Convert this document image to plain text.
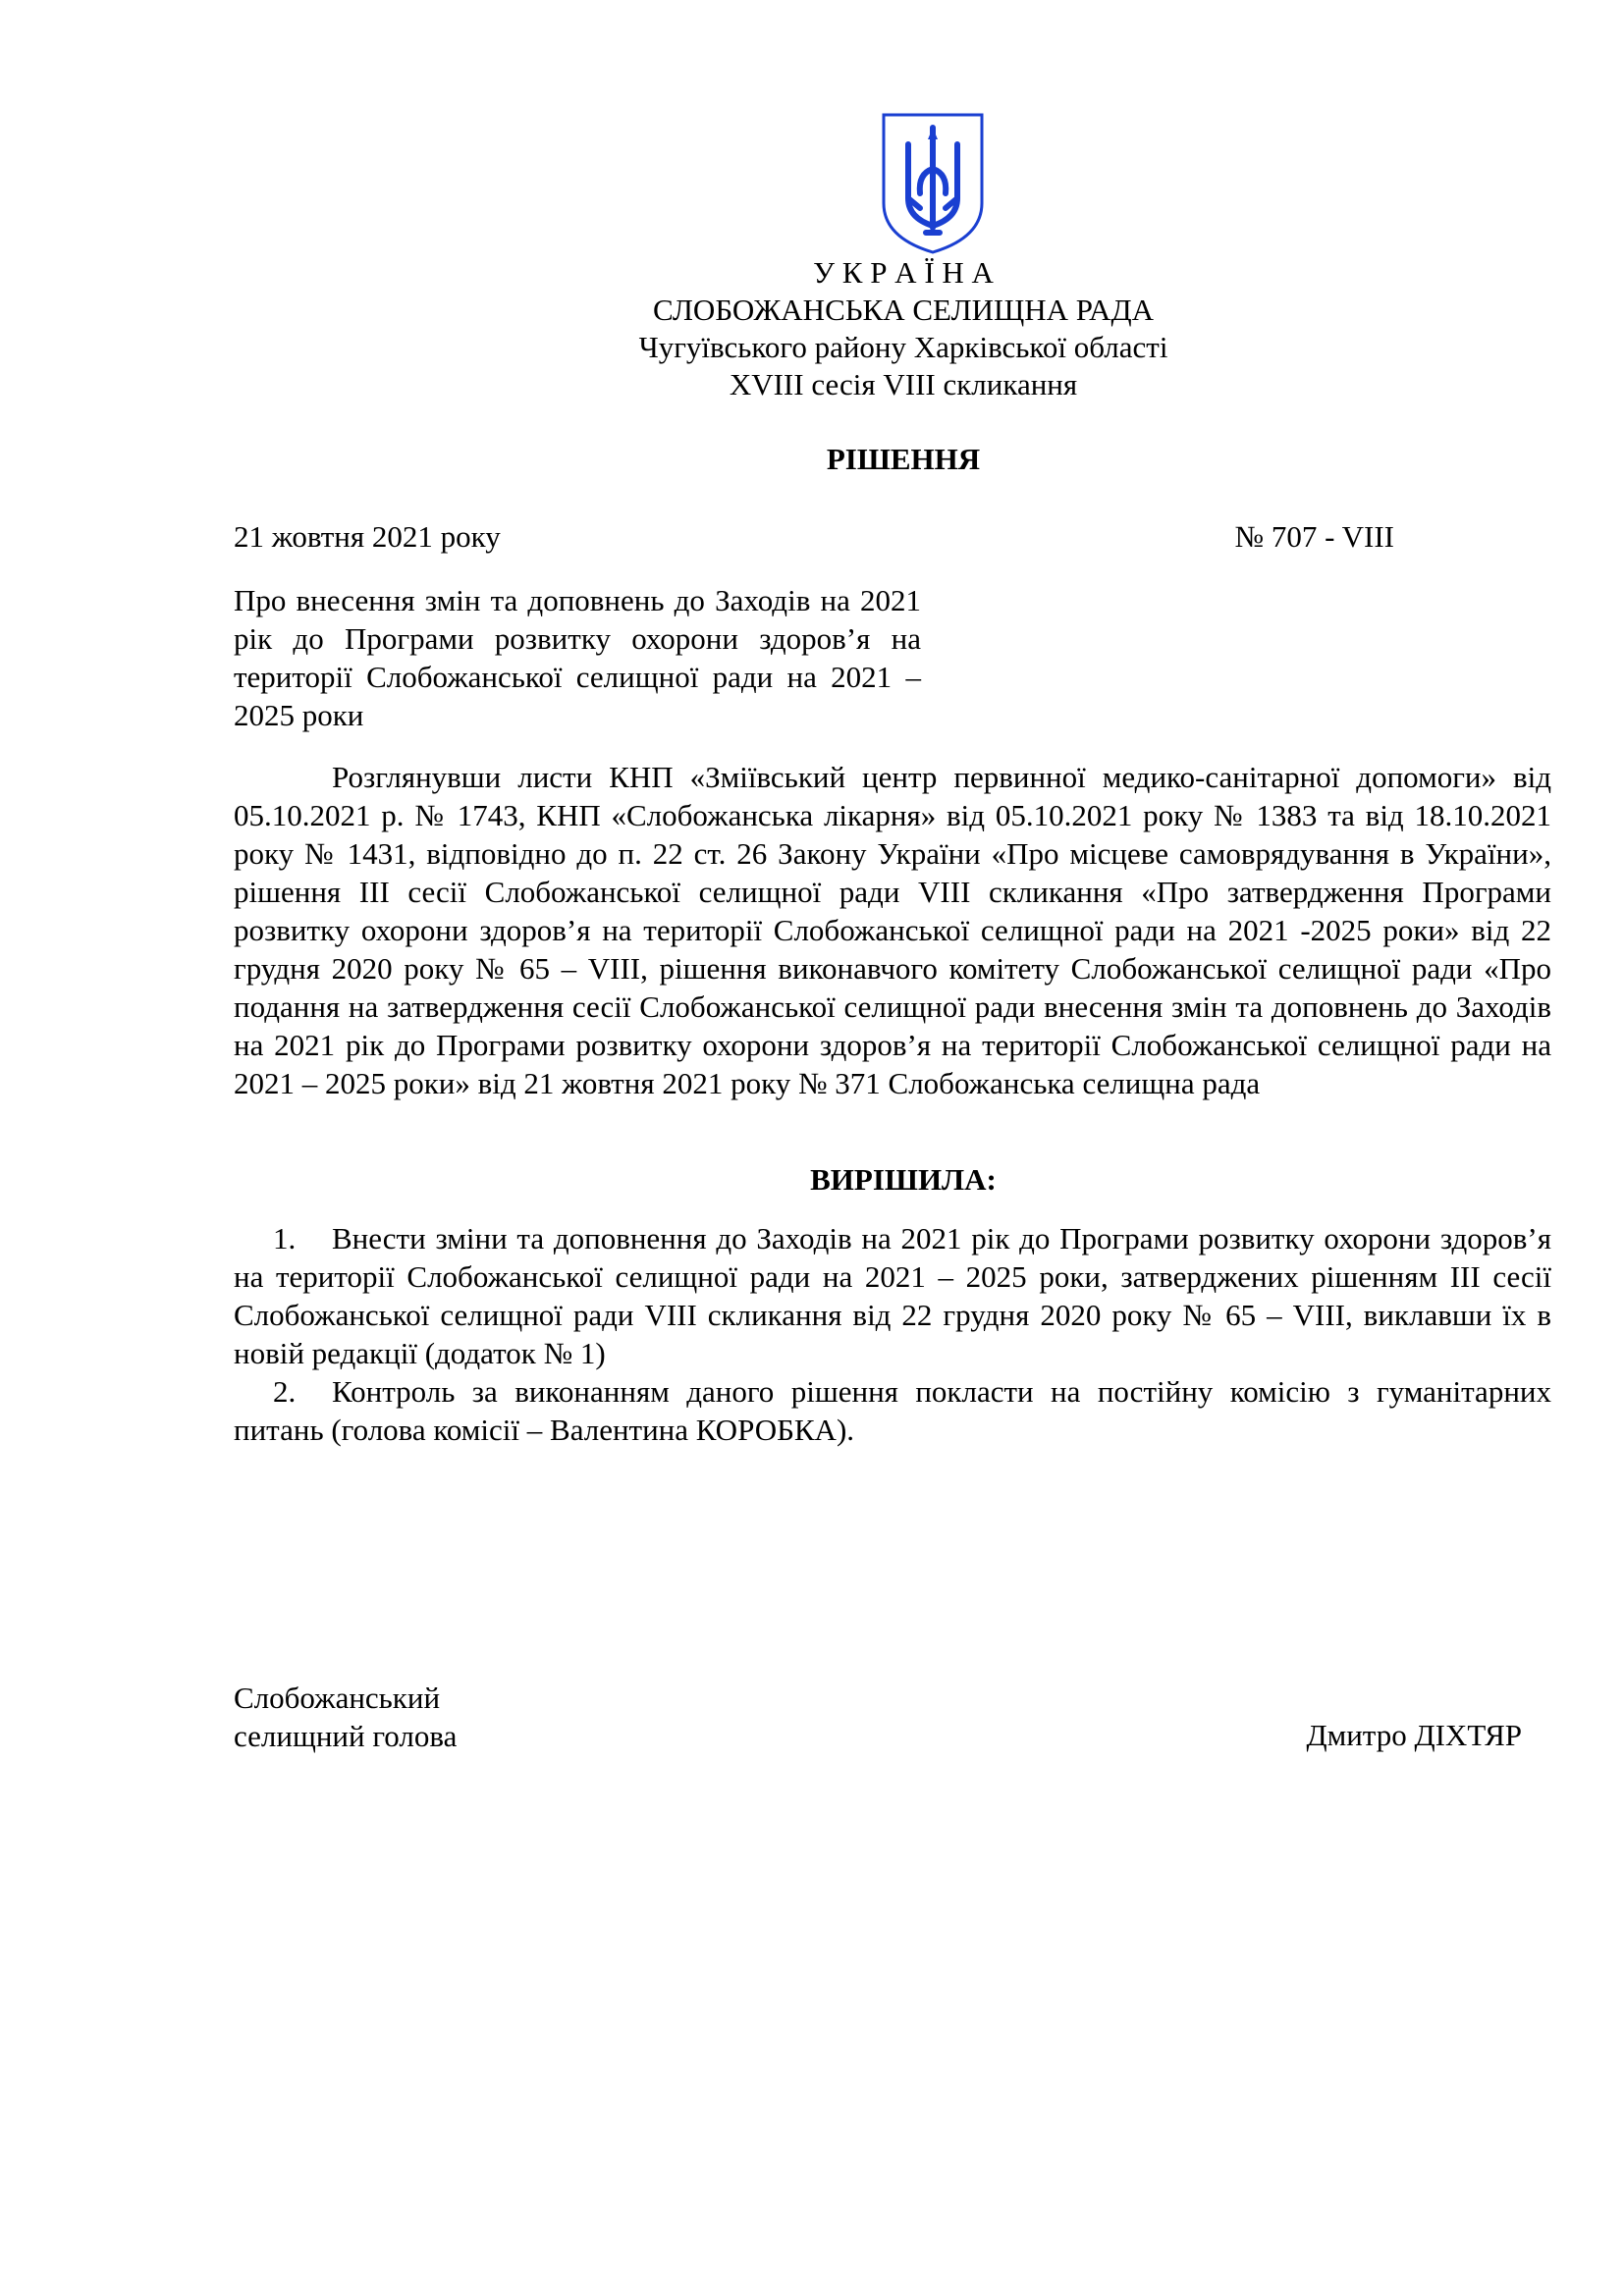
У К Р А Ї Н А
СЛОБОЖАНСЬКА СЕЛИЩНА РАДА
Чугуївського району Харківської області
XVIII сесія VIII скликання
РІШЕННЯ
21 жовтня 2021 року	№ 707 - VIII
Про внесення змін та доповнень до Заходів на 2021 рік до Програми розвитку охорони здоров’я на території Слобожанської селищної ради на 2021 – 2025 роки
Розглянувши листи КНП «Зміївський центр первинної медико-санітарної допомоги» від 05.10.2021 р. № 1743, КНП «Слобожанська лікарня» від 05.10.2021 року № 1383 та від 18.10.2021 року № 1431, відповідно до п. 22 ст. 26 Закону України «Про місцеве самоврядування в України», рішення ІІІ сесії Слобожанської селищної ради VIII скликання «Про затвердження Програми розвитку охорони здоров’я на території Слобожанської селищної ради на 2021 -2025 роки» від 22 грудня 2020 року № 65 – VIII, рішення виконавчого комітету Слобожанської селищної ради «Про подання на затвердження сесії Слобожанської селищної ради внесення змін та доповнень до Заходів на 2021 рік до Програми розвитку охорони здоров’я на території Слобожанської селищної ради на 2021 – 2025 роки» від 21 жовтня 2021 року № 371 Слобожанська селищна рада
ВИРІШИЛА:
1. Внести зміни та доповнення до Заходів на 2021 рік до Програми розвитку охорони здоров’я на території Слобожанської селищної ради на 2021 – 2025 роки, затверджених рішенням ІІІ сесії Слобожанської селищної ради VIII скликання від 22 грудня 2020 року № 65 – VIII, виклавши їх в новій редакції (додаток № 1)
2. Контроль за виконанням даного рішення покласти на постійну комісію з гуманітарних питань (голова комісії – Валентина КОРОБКА).
Слобожанський
селищний голова	Дмитро ДІХТЯР
